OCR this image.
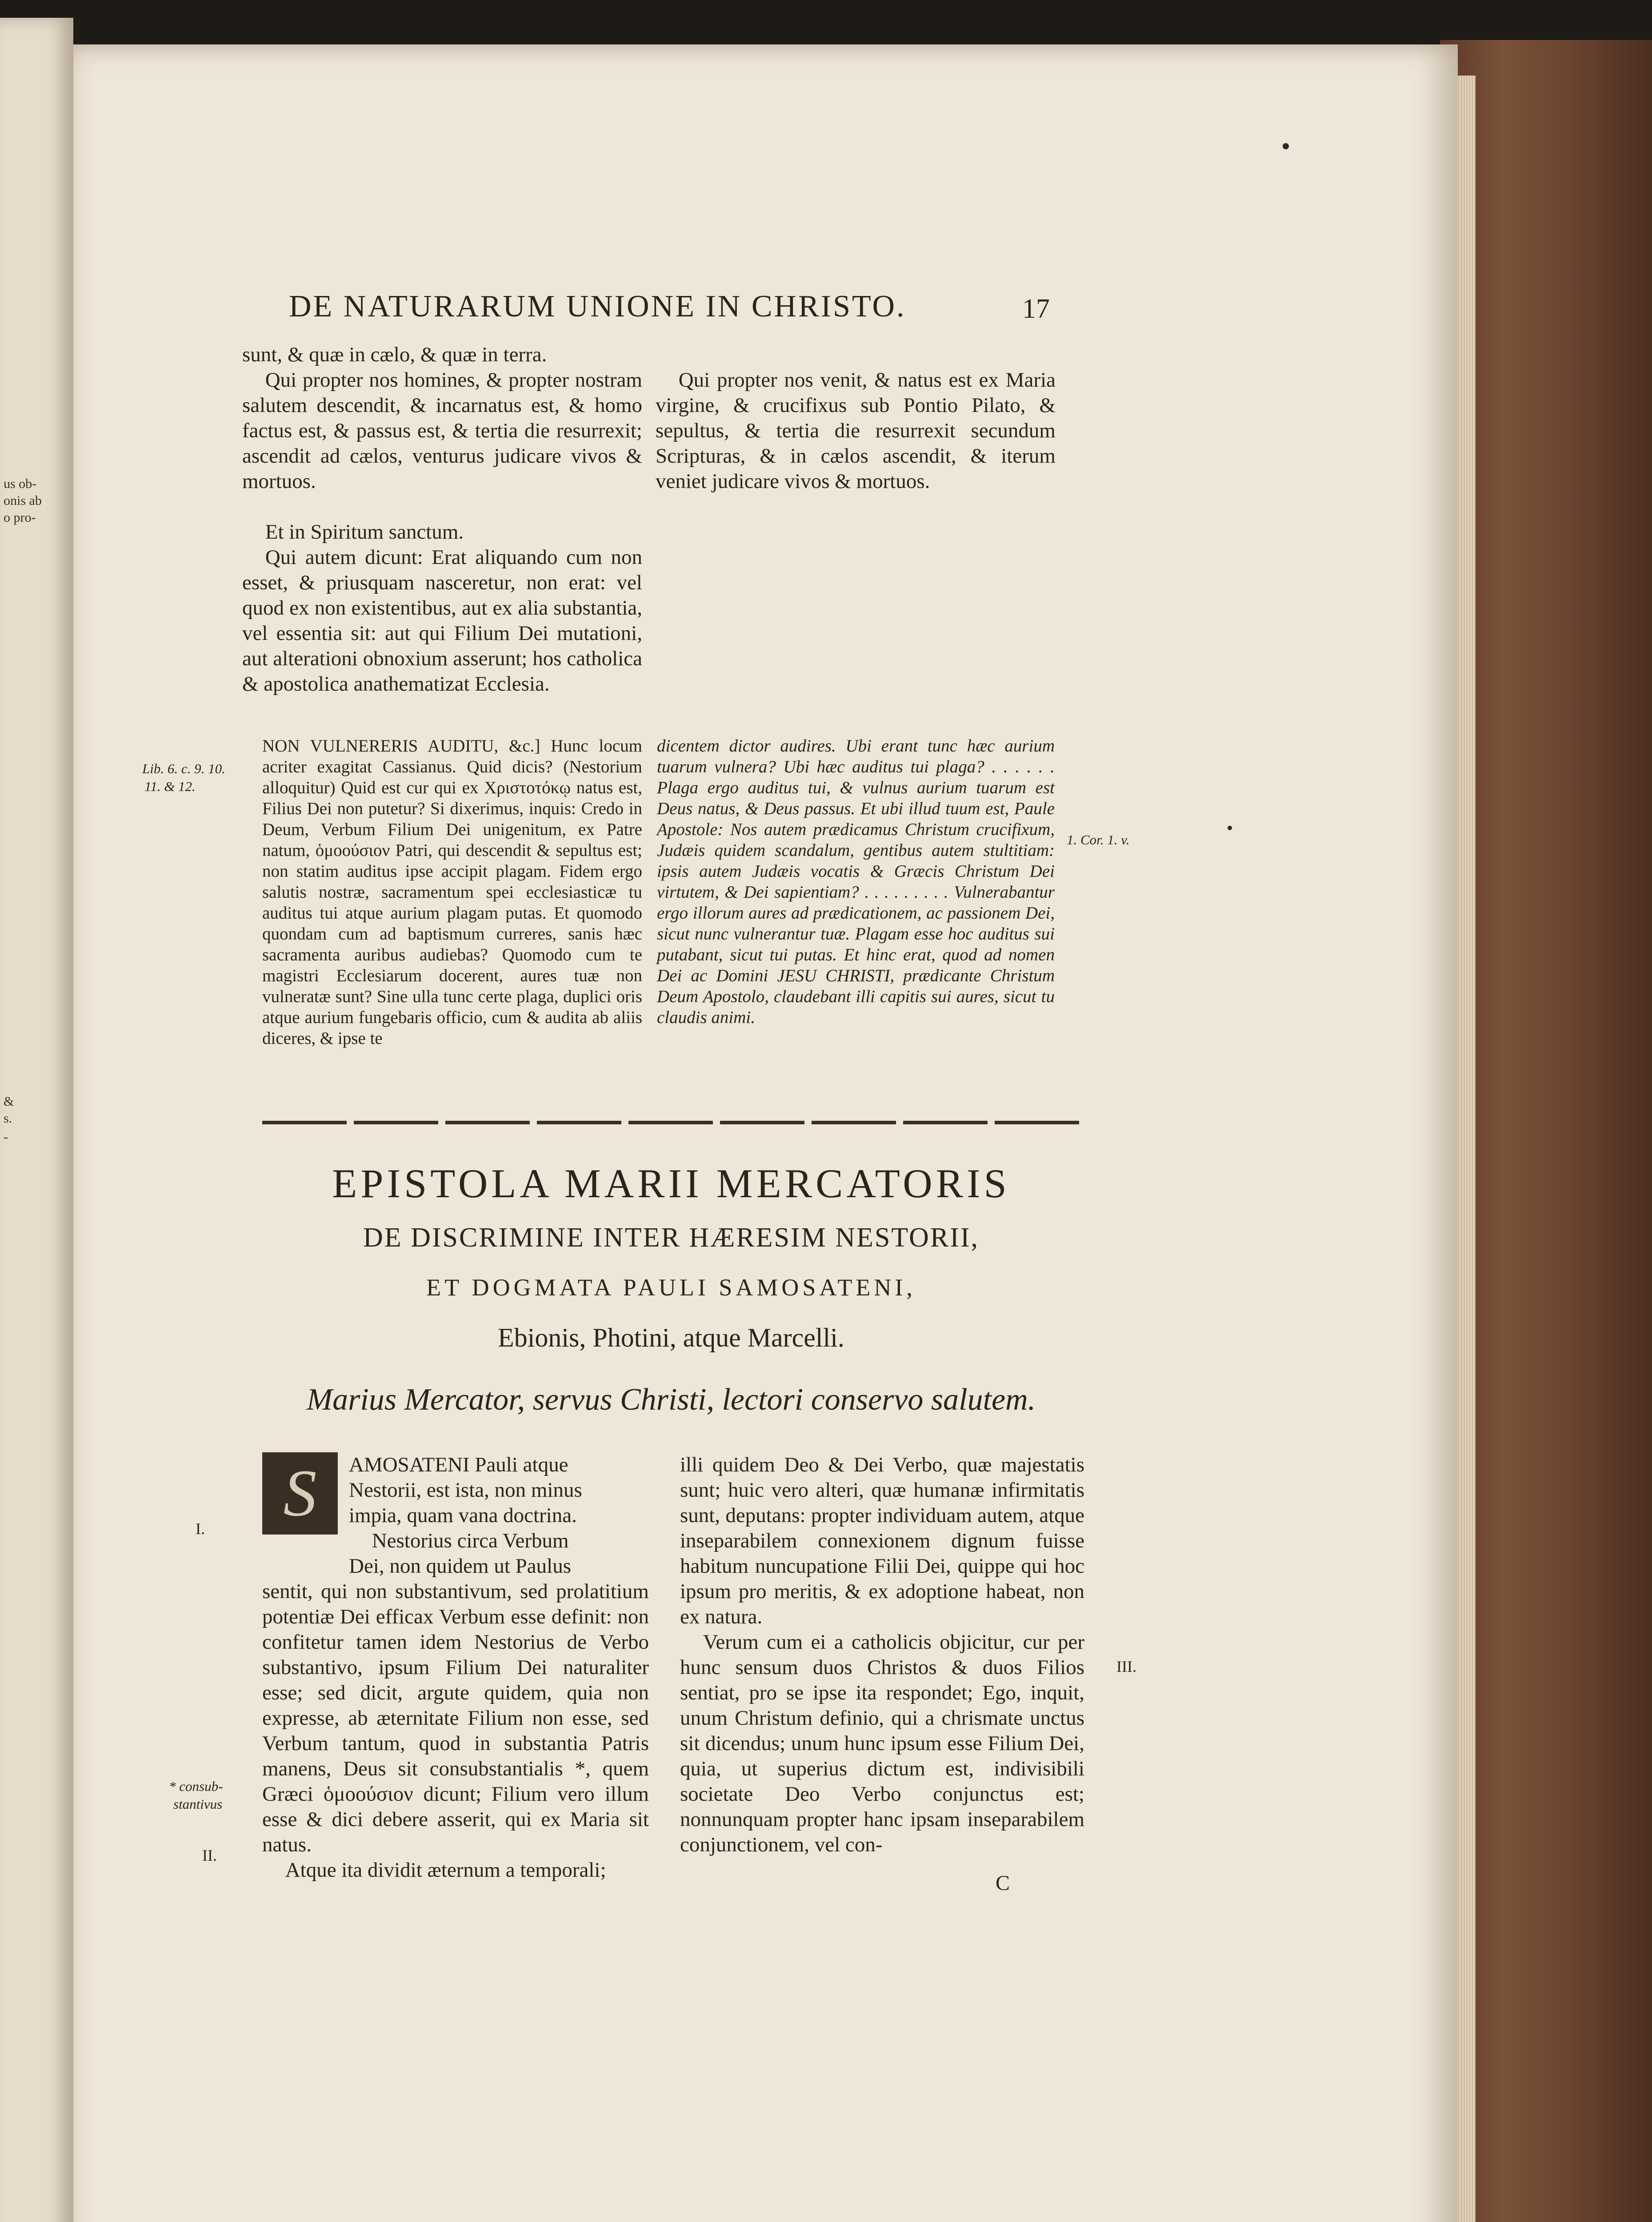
us ob-
onis ab
o pro-
&
s.
-
DE NATURARUM UNIONE IN CHRISTO.	17

sunt, & quæ in cælo, & quæ in terra.

Qui propter nos homines, & propter nostram salutem descendit, & incarnatus est, & homo factus est, & passus est, & tertia die resurrexit; ascendit ad cælos, venturus judicare vivos & mortuos.

Et in Spiritum sanctum.

Qui autem dicunt: Erat aliquando cum non esset, & priusquam nasceretur, non erat: vel quod ex non existentibus, aut ex alia substantia, vel essentia sit: aut qui Filium Dei mutationi, aut alterationi obnoxium asserunt; hos catholica & apostolica anathematizat Ecclesia.

Qui propter nos venit, & natus est ex Maria virgine, & crucifixus sub Pontio Pilato, & sepultus, & tertia die resurrexit secundum Scripturas, & in cælos ascendit, & iterum veniet judicare vivos & mortuos.

NON VULNERERIS AUDITU, &c.] Hunc locum acriter exagitat Cassianus. Quid dicis? (Nestorium alloquitur) Quid est cur qui ex Χριστοτόκῳ natus est, Filius Dei non putetur? Si dixerimus, inquis: Credo in Deum, Verbum Filium Dei unigenitum, ex Patre natum, ὁμοούσιον Patri, qui descendit & sepultus est; non statim auditus ipse accipit plagam. Fidem ergo salutis nostræ, sacramentum spei ecclesiasticæ tu auditus tui atque aurium plagam putas. Et quomodo quondam cum ad baptismum curreres, sanis hæc sacramenta auribus audiebas? Quomodo cum te magistri Ecclesiarum docerent, aures tuæ non vulneratæ sunt? Sine ulla tunc certe plaga, duplici oris atque aurium fungebaris officio, cum & audita ab aliis diceres, & ipse te
dicentem dictor audires. Ubi erant tunc hæc aurium tuarum vulnera? Ubi hæc auditus tui plaga? . . . . . . Plaga ergo auditus tui, & vulnus aurium tuarum est Deus natus, & Deus passus. Et ubi illud tuum est, Paule Apostole: Nos autem prædicamus Christum crucifixum, Judæis quidem scandalum, gentibus autem stultitiam: ipsis autem Judæis vocatis & Græcis Christum Dei virtutem, & Dei sapientiam? . . . . . . . . . Vulnerabantur ergo illorum aures ad prædicationem, ac passionem Dei, sicut nunc vulnerantur tuæ. Plagam esse hoc auditus sui putabant, sicut tui putas. Et hinc erat, quod ad nomen Dei ac Domini JESU CHRISTI, prædicante Christum Deum Apostolo, claudebant illi capitis sui aures, sicut tu claudis animi.
Lib. 6. c. 9. 10.
11. & 12.
1. Cor. 1. v.
EPISTOLA MARII MERCATORIS
DE DISCRIMINE INTER HÆRESIM NESTORII,
ET DOGMATA PAULI SAMOSATENI,
Ebionis, Photini, atque Marcelli.
Marius Mercator, servus Christi, lectori conservo salutem.
S	AMOSATENI Pauli atque

Nestorii, est ista, non minus

impia, quam vana doctrina.

Nestorius circa Verbum

Dei, non quidem ut Paulus

sentit, qui non substantivum, sed prolatitium potentiæ Dei efficax Verbum esse definit: non confitetur tamen idem Nestorius de Verbo substantivo, ipsum Filium Dei naturaliter esse; sed dicit, argute quidem, quia non expresse, ab æternitate Filium non esse, sed Verbum tantum, quod in substantia Patris manens, Deus sit consubstantialis *, quem Græci ὁμοούσιον dicunt; Filium vero illum esse & dici debere asserit, qui ex Maria sit natus.

Atque ita dividit æternum a temporali;

illi quidem Deo & Dei Verbo, quæ majestatis sunt; huic vero alteri, quæ humanæ infirmitatis sunt, deputans: propter individuam autem, atque inseparabilem connexionem dignum fuisse habitum nuncupatione Filii Dei, quippe qui hoc ipsum pro meritis, & ex adoptione habeat, non ex natura.

Verum cum ei a catholicis objicitur, cur per hunc sensum duos Christos & duos Filios sentiat, pro se ipse ita respondet; Ego, inquit, unum Christum definio, qui a chrismate unctus sit dicendus; unum hunc ipsum esse Filium Dei, quia, ut superius dictum est, indivisibili societate Deo Verbo conjunctus est; nonnunquam propter hanc ipsam inseparabilem conjunctionem, vel con-

I.
* consub-
stantivus
II.
III.
C
